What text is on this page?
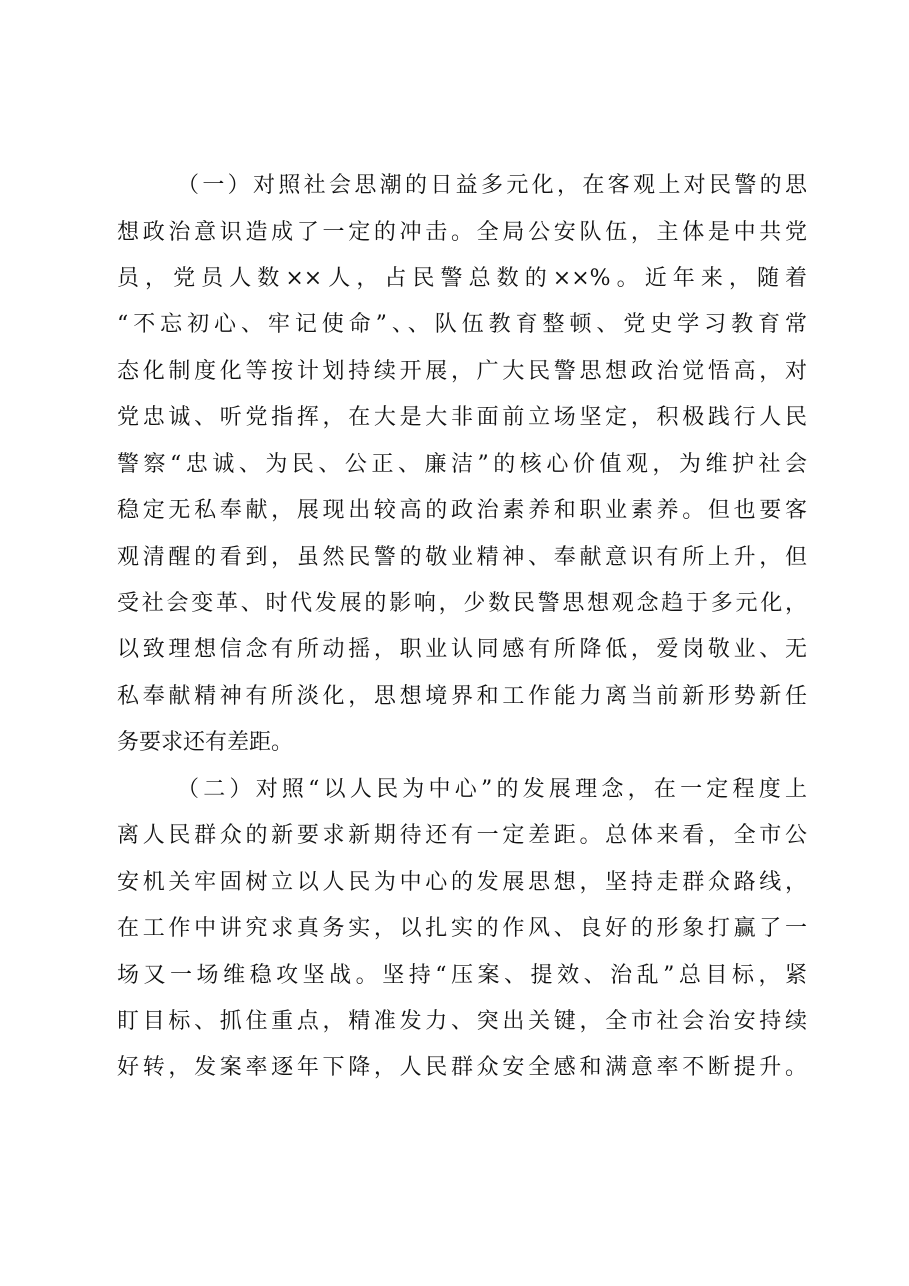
（一）对照社会思潮的日益多元化，在客观上对民警的思
想政治意识造成了一定的冲击。全局公安队伍，主体是中共党
员，党员人数××人，占民警总数的××%。近年来，随着
“不忘初心、牢记使命”、、队伍教育整顿、党史学习教育常
态化制度化等按计划持续开展，广大民警思想政治觉悟高，对
党忠诚、听党指挥，在大是大非面前立场坚定，积极践行人民
警察“忠诚、为民、公正、廉洁”的核心价值观，为维护社会
稳定无私奉献，展现出较高的政治素养和职业素养。但也要客
观清醒的看到，虽然民警的敬业精神、奉献意识有所上升，但
受社会变革、时代发展的影响，少数民警思想观念趋于多元化，
以致理想信念有所动摇，职业认同感有所降低，爱岗敬业、无
私奉献精神有所淡化，思想境界和工作能力离当前新形势新任
务要求还有差距。
（二）对照“以人民为中心”的发展理念，在一定程度上
离人民群众的新要求新期待还有一定差距。总体来看，全市公
安机关牢固树立以人民为中心的发展思想，坚持走群众路线，
在工作中讲究求真务实，以扎实的作风、良好的形象打赢了一
场又一场维稳攻坚战。坚持“压案、提效、治乱”总目标，紧
盯目标、抓住重点，精准发力、突出关键，全市社会治安持续
好转，发案率逐年下降，人民群众安全感和满意率不断提升。
